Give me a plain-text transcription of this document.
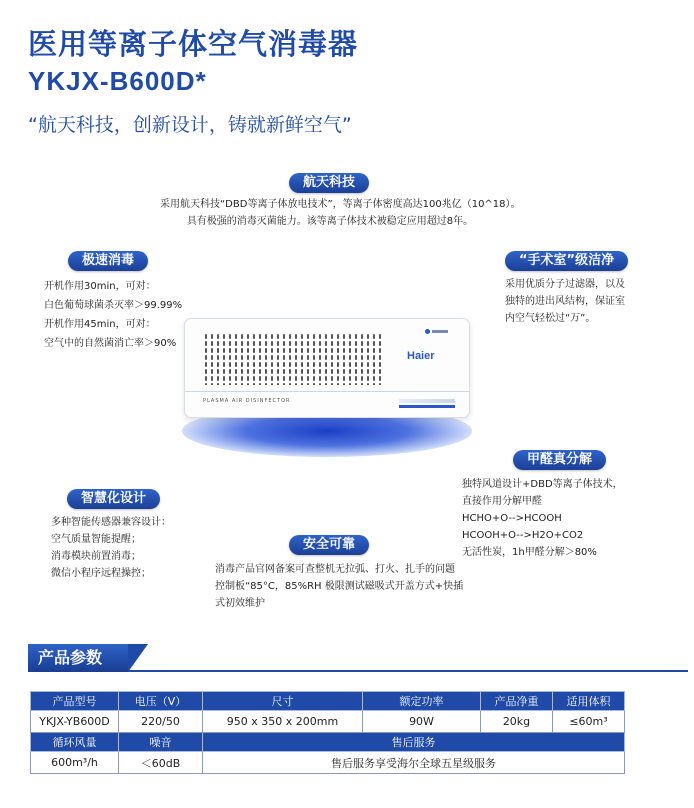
医用等离子体空气消毒器
YKJX-B600D*
“航天科技，创新设计，铸就新鲜空气”
航天科技
采用航天科技“DBD等离子体放电技术”，等离子体密度高达100兆亿（10^18）。
具有极强的消毒灭菌能力。该等离子体技术被稳定应用超过8年。
极速消毒
开机作用30min，可对：
白色葡萄球菌杀灭率＞99.99%
开机作用45min，可对：
空气中的自然菌消亡率＞90%
“手术室”级洁净
采用优质分子过滤器，以及
独特的进出风结构，保证室
内空气轻松过“万”。
Haier
PLASMA AIR DISINFECTOR
甲醛真分解
独特风道设计+DBD等离子体技术，
直接作用分解甲醛
HCHO+O-->HCOOH
HCOOH+O-->H2O+CO2
无活性炭，1h甲醛分解＞80%
智慧化设计
多种智能传感器兼容设计：
空气质量智能提醒；
消毒模块前置消毒；
微信小程序远程操控；
安全可靠
消毒产品官网备案可查整机无拉弧、打火、扎手的问题
控制板“85°C，85%RH 极限测试磁吸式开盖方式+快插
式初效维护
产品参数
产品型号	电压（V）	尺寸	额定功率	产品净重	适用体积
YKJX-YB600D	220/50	950 x 350 x 200mm	90W	20kg	≤60m³
循环风量	噪音	售后服务			
600m³/h	＜60dB	售后服务享受海尔全球五星级服务			
